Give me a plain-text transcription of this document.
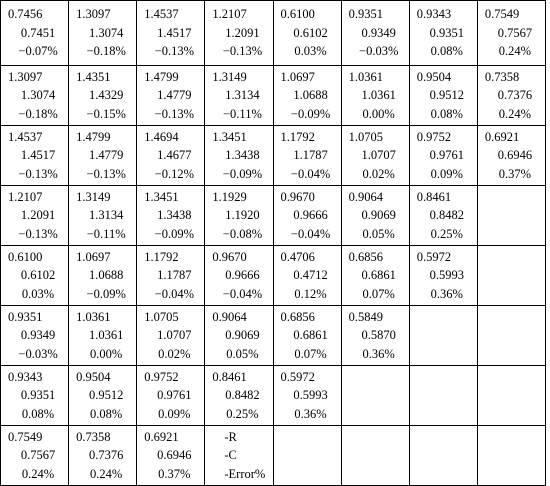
0.7456
0.7451
−0.07%	1.3097
1.3074
−0.18%	1.4537
1.4517
−0.13%	1.2107
1.2091
−0.13%	0.6100
0.6102
0.03%	0.9351
0.9349
−0.03%	0.9343
0.9351
0.08%	0.7549
0.7567
0.24%

1.3097
1.3074
−0.18%	1.4351
1.4329
−0.15%	1.4799
1.4779
−0.13%	1.3149
1.3134
−0.11%	1.0697
1.0688
−0.09%	1.0361
1.0361
0.00%	0.9504
0.9512
0.08%	0.7358
0.7376
0.24%

1.4537
1.4517
−0.13%	1.4799
1.4779
−0.13%	1.4694
1.4677
−0.12%	1.3451
1.3438
−0.09%	1.1792
1.1787
−0.04%	1.0705
1.0707
0.02%	0.9752
0.9761
0.09%	0.6921
0.6946
0.37%

1.2107
1.2091
−0.13%	1.3149
1.3134
−0.11%	1.3451
1.3438
−0.09%	1.1929
1.1920
−0.08%	0.9670
0.9666
−0.04%	0.9064
0.9069
0.05%	0.8461
0.8482
0.25%	

0.6100
0.6102
0.03%	1.0697
1.0688
−0.09%	1.1792
1.1787
−0.04%	0.9670
0.9666
−0.04%	0.4706
0.4712
0.12%	0.6856
0.6861
0.07%	0.5972
0.5993
0.36%	

0.9351
0.9349
−0.03%	1.0361
1.0361
0.00%	1.0705
1.0707
0.02%	0.9064
0.9069
0.05%	0.6856
0.6861
0.07%	0.5849
0.5870
0.36%		

0.9343
0.9351
0.08%	0.9504
0.9512
0.08%	0.9752
0.9761
0.09%	0.8461
0.8482
0.25%	0.5972
0.5993
0.36%			

0.7549
0.7567
0.24%	0.7358
0.7376
0.24%	0.6921
0.6946
0.37%	-R
-C
-Error%				
